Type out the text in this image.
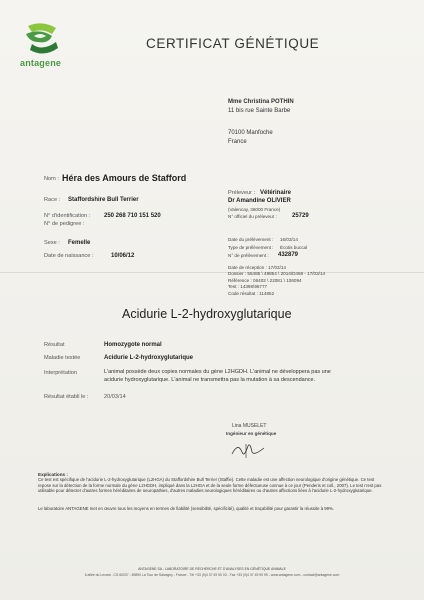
antagene
CERTIFICAT GÉNÉTIQUE
Mme Christina POTHIN
11 bis rue Sainte Barbe
70100 Manfoche
France
Nom : Héra des Amours de Stafford
Race : Staffordshire Bull Terrier
N° d'identification : 250 268 710 151 520
N° de pedigree :
Sexe : Femelle
Date de naissance :	10/06/12
Préleveur : Vétérinaire
Dr Amandine OLIVIER
(Valencay, 36000 France)
N° officiel du préleveur :	25729
Date du prélèvement : 16/03/14
Type de prélèvement : Écotis buccal
N° de prélèvement : 432879
Date de réception : 17/03/14
Dossier : 55485 \ 49854 \ 2014/D468 - 17/03/14
Référence : 06402 \ 22081 \ 106094
Test : 14398\96777
Code résultat : 114852
Acidurie L-2-hydroxyglutarique
Résultat	Homozygote normal
Maladie testée	Acidurie L-2-hydroxyglutarique
Interprétation	L'animal possède deux copies normales du gène L2HGDH. L'animal ne développera pas une
acidurie hydroxyglutarique. L'animal ne transmettra pas la mutation à sa descendance.
Résultat établi le :	20/03/14
Lina MUSELET
Ingénieur en génétique
Explications :
Ce test est spécifique de l'acidurie L-2-hydroxyglutarique (L2HGA) du Staffordshire Bull Terrier (Staffie). Cette maladie est une affection neurologique d'origine génétique. Ce test repose sur la détection de la forme normale du gène L2HGDH, impliqué dans la L2HGA et de la seule forme défectueuse connue à ce jour (Penderis et coll., 2007). Le test n'est pas utilisable pour détecter d'autres formes héréditaires de neuropathies, d'autres maladies neurologiques héréditaires ou d'autres affections liées à l'acidurie L-2-hydroxyglutarique.
Le laboratoire ANTAGENE met en œuvre tous les moyens en termes de fiabilité (sensibilité, spécificité), qualité et traçabilité pour garantir la réussite à 99%.
ANTAGENE SA - LABORATOIRE DE RECHERCHE ET D'ANALYSES EN GÉNÉTIQUE ANIMALE
6 allée du Levant - CS 60037 - 69890 La Tour de Salvagny - France - Tél +33 (0)4 37 49 90 03 - Fax +33 (0)4 37 49 90 99 - www.antagene.com - contact@antagene.com
